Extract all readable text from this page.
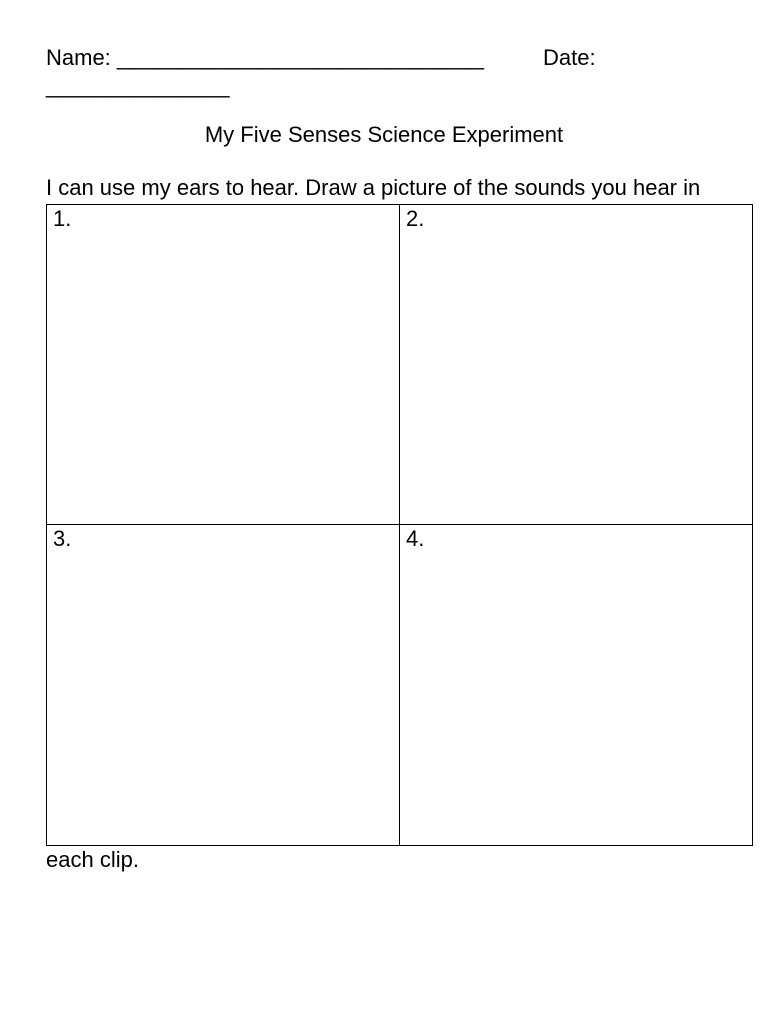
Name: ______________________________	Date:
_______________
My Five Senses Science Experiment
I can use my ears to hear. Draw a picture of the sounds you hear in
1.	2.
3.	4.
each clip.
